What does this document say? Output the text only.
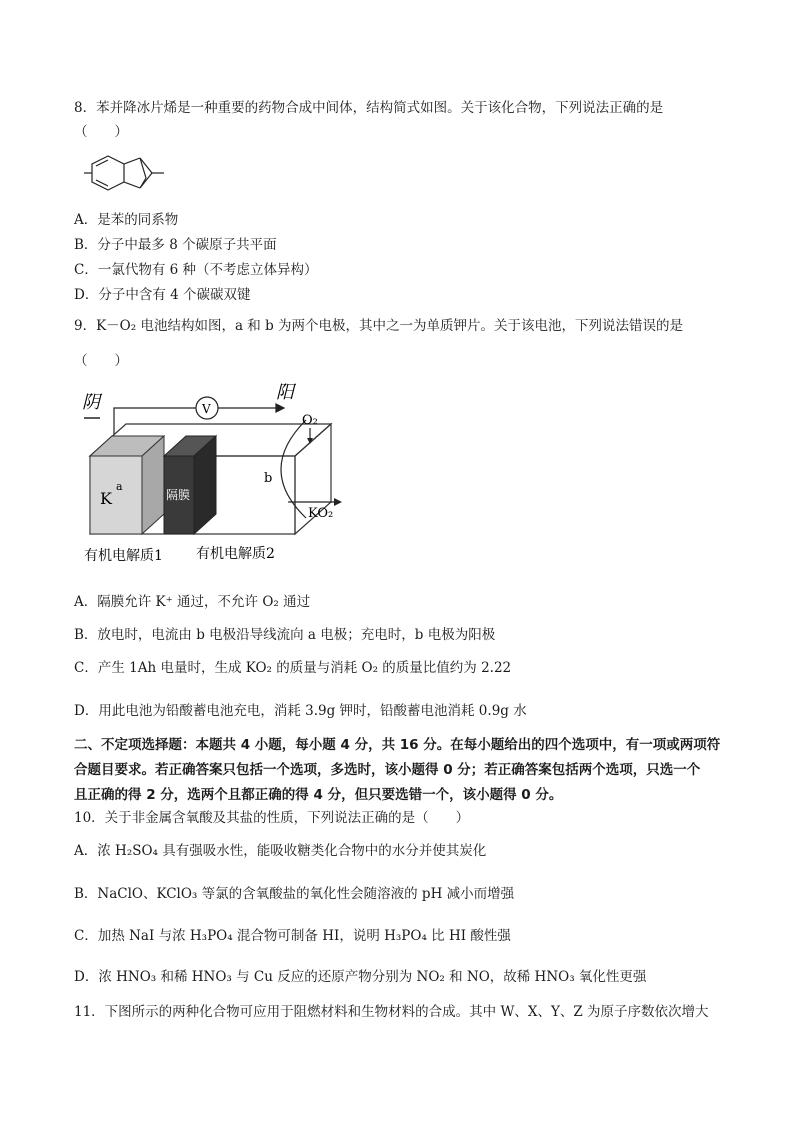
8．苯并降冰片烯是一种重要的药物合成中间体，结构简式如图。关于该化合物，下列说法正确的是
（　　）
A．是苯的同系物
B．分子中最多 8 个碳原子共平面
C．一氯代物有 6 种（不考虑立体异构）
D．分子中含有 4 个碳碳双键
9．K－O₂ 电池结构如图，a 和 b 为两个电极，其中之一为单质钾片。关于该电池，下列说法错误的是
（　　）
V
阴	阳
K
a
隔膜
b
O₂
KO₂
有机电解质1 有机电解质2
A．隔膜允许 K⁺ 通过，不允许 O₂ 通过
B．放电时，电流由 b 电极沿导线流向 a 电极；充电时，b 电极为阳极
C．产生 1Ah 电量时，生成 KO₂ 的质量与消耗 O₂ 的质量比值约为 2.22
D．用此电池为铅酸蓄电池充电，消耗 3.9g 钾时，铅酸蓄电池消耗 0.9g 水
二、不定项选择题：本题共 4 小题，每小题 4 分，共 16 分。在每小题给出的四个选项中，有一项或两项符
合题目要求。若正确答案只包括一个选项，多选时，该小题得 0 分；若正确答案包括两个选项，只选一个
且正确的得 2 分，选两个且都正确的得 4 分，但只要选错一个，该小题得 0 分。
10．关于非金属含氧酸及其盐的性质，下列说法正确的是（　　）
A．浓 H₂SO₄ 具有强吸水性，能吸收糖类化合物中的水分并使其炭化
B．NaClO、KClO₃ 等氯的含氧酸盐的氧化性会随溶液的 pH 减小而增强
C．加热 NaI 与浓 H₃PO₄ 混合物可制备 HI，说明 H₃PO₄ 比 HI 酸性强
D．浓 HNO₃ 和稀 HNO₃ 与 Cu 反应的还原产物分别为 NO₂ 和 NO，故稀 HNO₃ 氧化性更强
11．下图所示的两种化合物可应用于阻燃材料和生物材料的合成。其中 W、X、Y、Z 为原子序数依次增大
